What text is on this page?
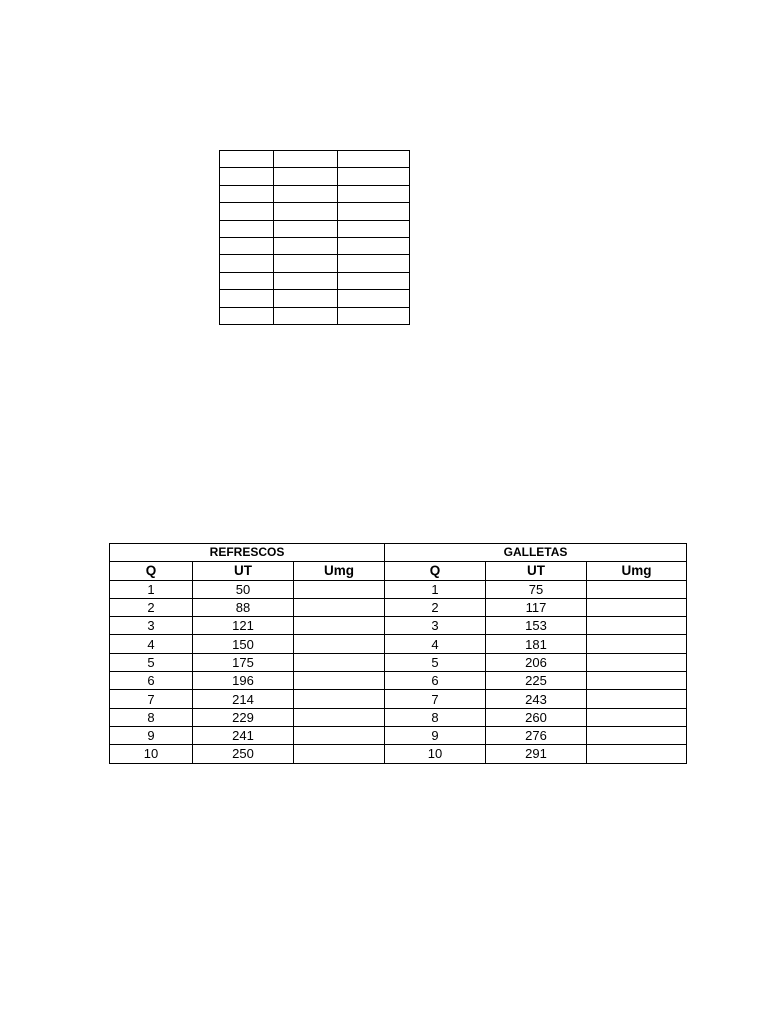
REFRESCOS			GALLETAS		
Q	UT	Umg	Q	UT	Umg
1	50		1	75	
2	88		2	117	
3	121		3	153	
4	150		4	181	
5	175		5	206	
6	196		6	225	
7	214		7	243	
8	229		8	260	
9	241		9	276	
10	250		10	291	
